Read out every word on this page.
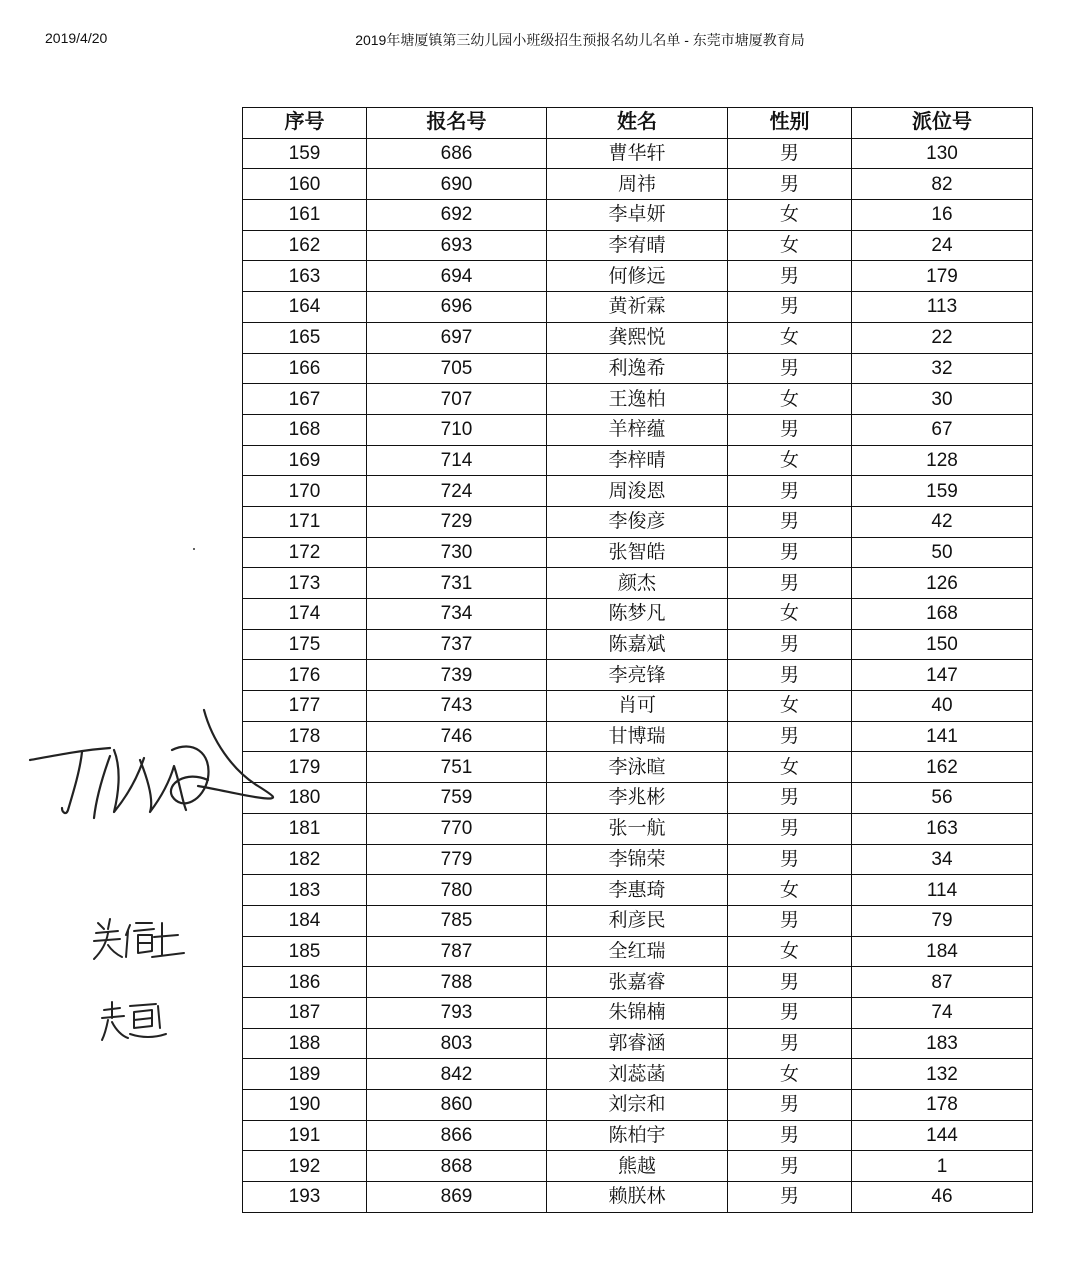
2019/4/20	2019年塘厦镇第三幼儿园小班级招生预报名幼儿名单 - 东莞市塘厦教育局
序号	报名号	姓名	性别	派位号
159	686	曹华轩	男	130
160	690	周祎	男	82
161	692	李卓妍	女	16
162	693	李宥晴	女	24
163	694	何修远	男	179
164	696	黄祈霖	男	113
165	697	龚熙悦	女	22
166	705	利逸希	男	32
167	707	王逸柏	女	30
168	710	羊梓蕴	男	67
169	714	李梓晴	女	128
170	724	周浚恩	男	159
171	729	李俊彦	男	42
172	730	张智皓	男	50
173	731	颜杰	男	126
174	734	陈梦凡	女	168
175	737	陈嘉斌	男	150
176	739	李亮锋	男	147
177	743	肖可	女	40
178	746	甘博瑞	男	141
179	751	李泳暄	女	162
180	759	李兆彬	男	56
181	770	张一航	男	163
182	779	李锦荣	男	34
183	780	李惠琦	女	114
184	785	利彦民	男	79
185	787	全红瑞	女	184
186	788	张嘉睿	男	87
187	793	朱锦楠	男	74
188	803	郭睿涵	男	183
189	842	刘蕊菡	女	132
190	860	刘宗和	男	178
191	866	陈柏宇	男	144
192	868	熊越	男	1
193	869	赖朕林	男	46
